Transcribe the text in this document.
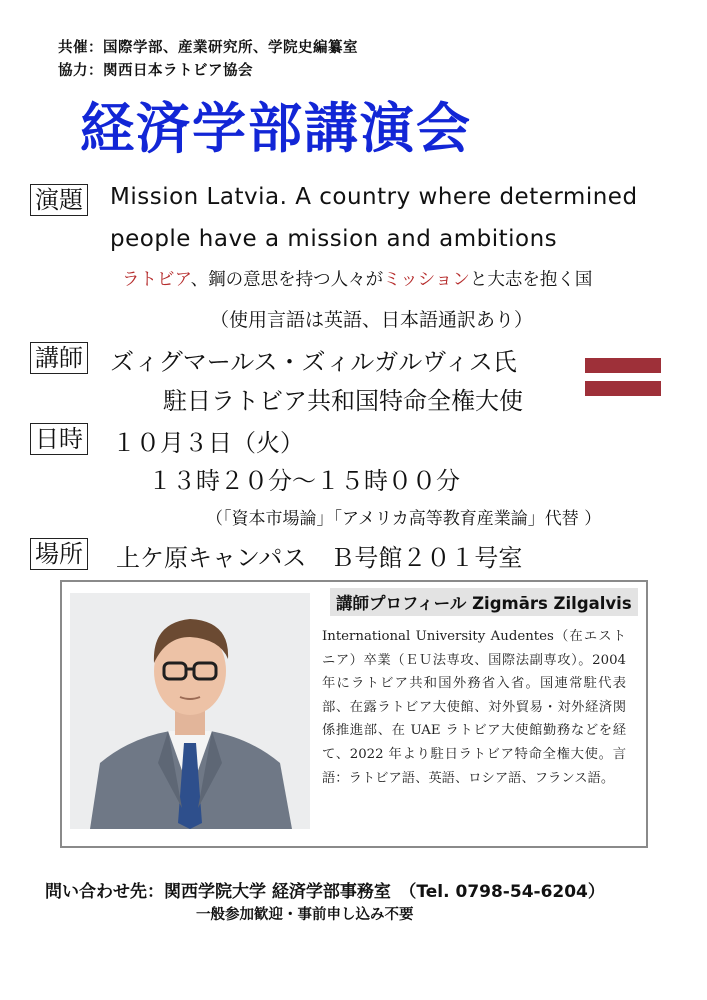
共催：国際学部、産業研究所、学院史編纂室
協力：関西日本ラトビア協会
経済学部講演会
演題 Mission Latvia. A country where determined
people have a mission and ambitions
ラトビア、鋼の意思を持つ人々がミッションと大志を抱く国
（使用言語は英語、日本語通訳あり）
講師 ズィグマールス・ズィルガルヴィス氏
駐日ラトビア共和国特命全権大使
日時 １０月３日（火）
１３時２０分～１５時００分
（「資本市場論」「アメリカ高等教育産業論」代替 ）
場所 上ケ原キャンパス　Ｂ号館２０１号室
講師プロフィール Zigmārs Zilgalvis
International University Audentes（在エストニア）卒業（ＥＵ法専攻、国際法副専攻）。2004 年にラトビア共和国外務省入省。国連常駐代表部、在露ラトビア大使館、対外貿易・対外経済関係推進部、在 UAE ラトビア大使館勤務などを経て、2022 年より駐日ラトビア特命全権大使。言語：ラトビア語、英語、ロシア語、フランス語。
問い合わせ先：関西学院大学 経済学部事務室　（Tel. 0798-54-6204）
一般参加歓迎・事前申し込み不要
